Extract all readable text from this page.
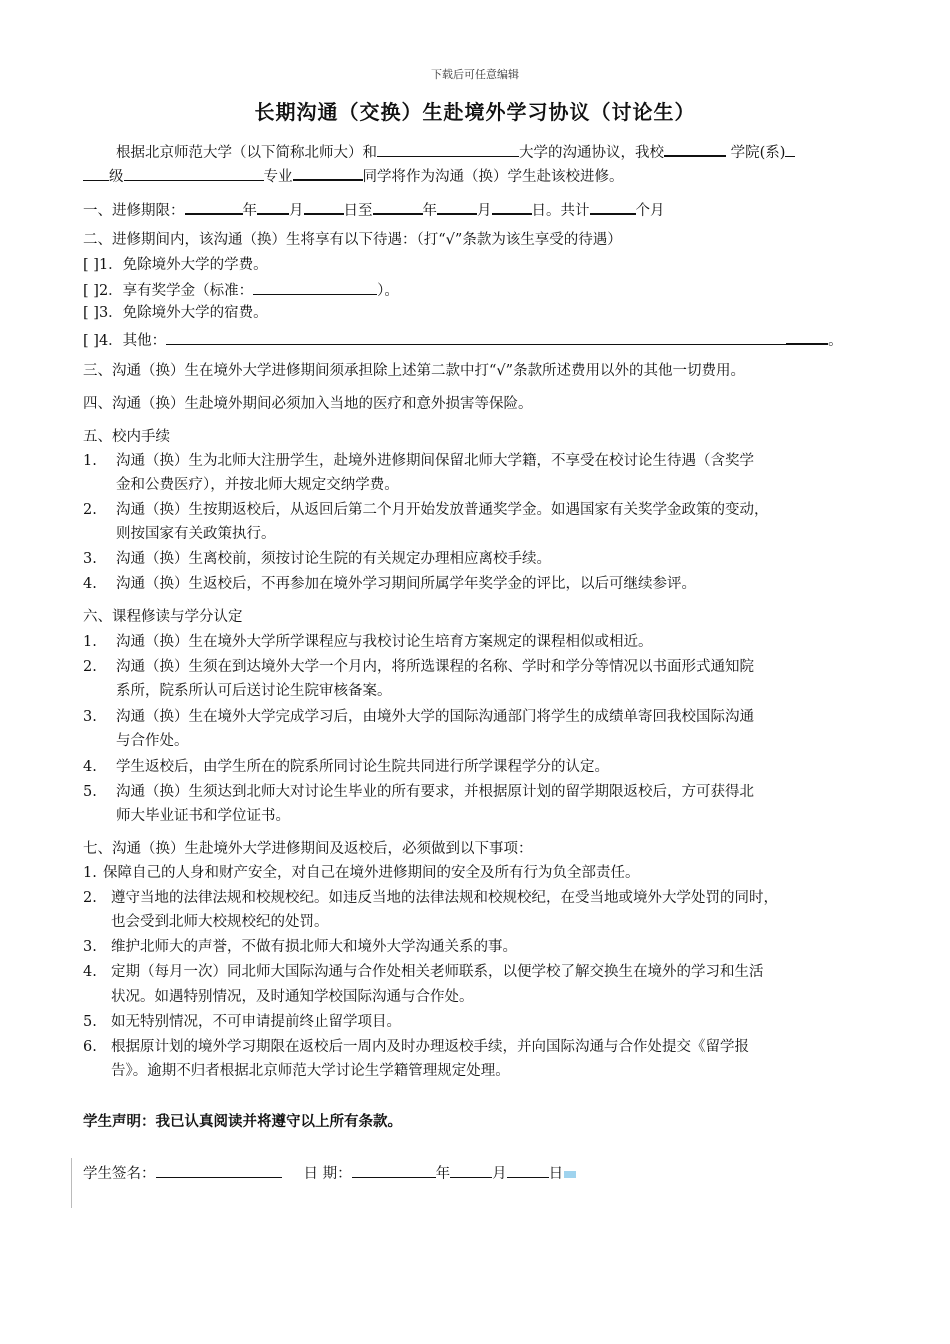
下载后可任意编辑
长期沟通（交换）生赴境外学习协议（讨论生）
根据北京师范大学（以下简称北师大）和	大学的沟通协议，我校	学院(系)
级	专业	同学将作为沟通（换）学生赴该校进修。
一、进修期限：	年 月	日至	年	月	日。共计	个月
二、进修期间内，该沟通（换）生将享有以下待遇：（打“√”条款为该生享受的待遇）
[ ]1．免除境外大学的学费。
[ ]2．享有奖学金（标准：	）。
[ ]3．免除境外大学的宿费。
[ ]4．其他：	。
三、沟通（换）生在境外大学进修期间须承担除上述第二款中打“√”条款所述费用以外的其他一切费用。
四、沟通（换）生赴境外期间必须加入当地的医疗和意外损害等保险。
五、校内手续
1. 沟通（换）生为北师大注册学生，赴境外进修期间保留北师大学籍，不享受在校讨论生待遇（含奖学
金和公费医疗），并按北师大规定交纳学费。
2. 沟通（换）生按期返校后，从返回后第二个月开始发放普通奖学金。如遇国家有关奖学金政策的变动，
则按国家有关政策执行。
3. 沟通（换）生离校前，须按讨论生院的有关规定办理相应离校手续。
4. 沟通（换）生返校后，不再参加在境外学习期间所属学年奖学金的评比，以后可继续参评。
六、课程修读与学分认定
1. 沟通（换）生在境外大学所学课程应与我校讨论生培育方案规定的课程相似或相近。
2. 沟通（换）生须在到达境外大学一个月内，将所选课程的名称、学时和学分等情况以书面形式通知院
系所，院系所认可后送讨论生院审核备案。
3. 沟通（换）生在境外大学完成学习后，由境外大学的国际沟通部门将学生的成绩单寄回我校国际沟通
与合作处。
4. 学生返校后，由学生所在的院系所同讨论生院共同进行所学课程学分的认定。
5. 沟通（换）生须达到北师大对讨论生毕业的所有要求，并根据原计划的留学期限返校后，方可获得北
师大毕业证书和学位证书。
七、沟通（换）生赴境外大学进修期间及返校后，必须做到以下事项：
1. 保障自己的人身和财产安全，对自己在境外进修期间的安全及所有行为负全部责任。
2. 遵守当地的法律法规和校规校纪。如违反当地的法律法规和校规校纪，在受当地或境外大学处罚的同时，
也会受到北师大校规校纪的处罚。
3. 维护北师大的声誉，不做有损北师大和境外大学沟通关系的事。
4. 定期（每月一次）同北师大国际沟通与合作处相关老师联系，以便学校了解交换生在境外的学习和生活
状况。如遇特别情况，及时通知学校国际沟通与合作处。
5. 如无特别情况，不可申请提前终止留学项目。
6. 根据原计划的境外学习期限在返校后一周内及时办理返校手续，并向国际沟通与合作处提交《留学报
告》。逾期不归者根据北京师范大学讨论生学籍管理规定处理。
学生声明：我已认真阅读并将遵守以上所有条款。
学生签名：	日 期：	年	月	日
